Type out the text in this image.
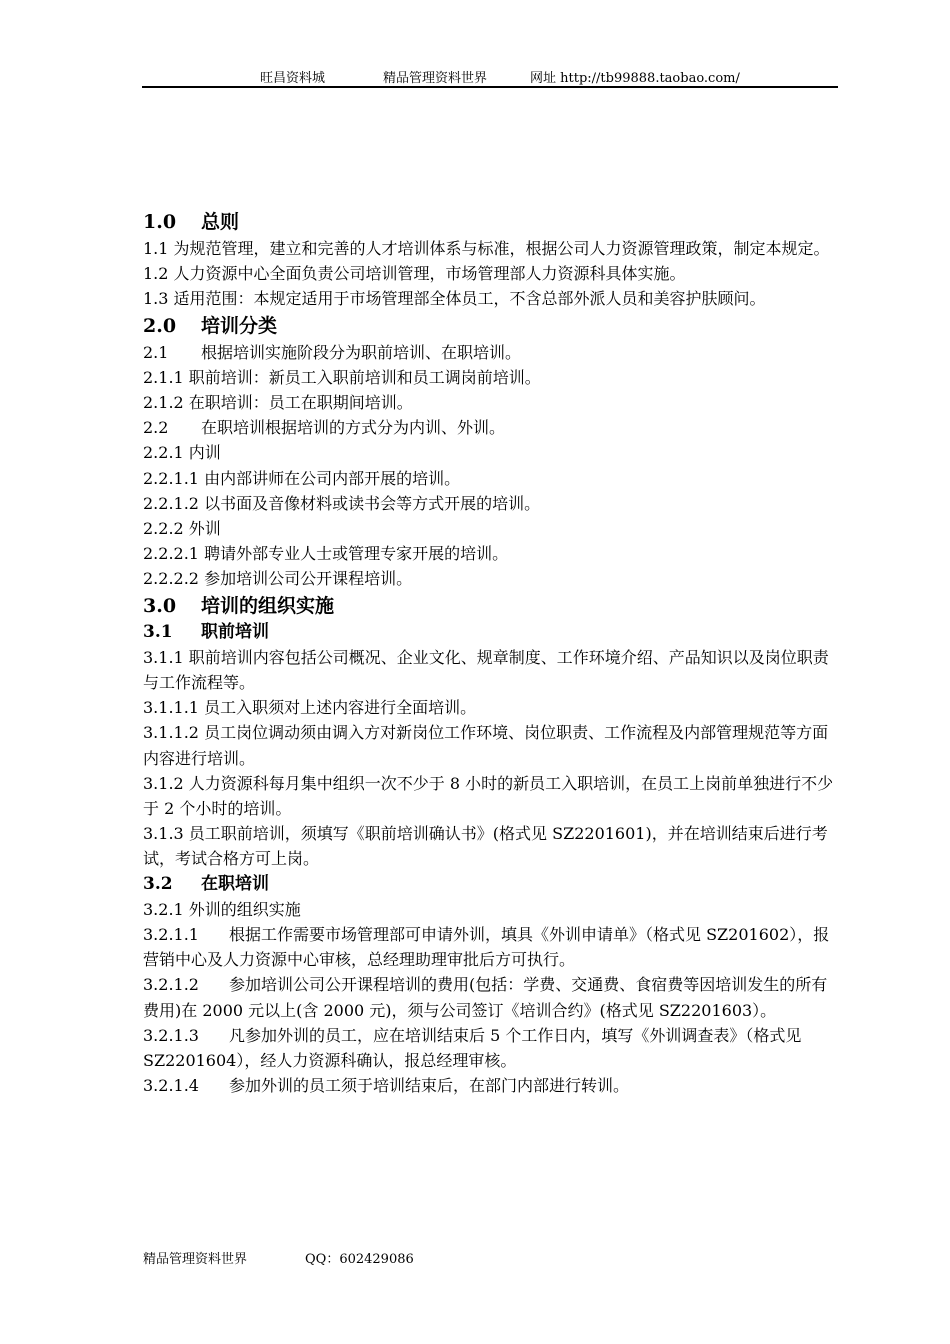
旺昌资料城	精品管理资料世界	网址 http://tb99888.taobao.com/
1.0 总则
1.1 为规范管理，建立和完善的人才培训体系与标准，根据公司人力资源管理政策，制定本规定。
1.2 人力资源中心全面负责公司培训管理，市场管理部人力资源科具体实施。
1.3 适用范围：本规定适用于市场管理部全体员工，不含总部外派人员和美容护肤顾问。
2.0 培训分类
2.1 根据培训实施阶段分为职前培训、在职培训。
2.1.1 职前培训：新员工入职前培训和员工调岗前培训。
2.1.2 在职培训：员工在职期间培训。
2.2 在职培训根据培训的方式分为内训、外训。
2.2.1 内训
2.2.1.1 由内部讲师在公司内部开展的培训。
2.2.1.2 以书面及音像材料或读书会等方式开展的培训。
2.2.2 外训
2.2.2.1 聘请外部专业人士或管理专家开展的培训。
2.2.2.2 参加培训公司公开课程培训。
3.0 培训的组织实施
3.1 职前培训
3.1.1 职前培训内容包括公司概况、企业文化、规章制度、工作环境介绍、产品知识以及岗位职责与工作流程等。
3.1.1.1 员工入职须对上述内容进行全面培训。
3.1.1.2 员工岗位调动须由调入方对新岗位工作环境、岗位职责、工作流程及内部管理规范等方面内容进行培训。
3.1.2 人力资源科每月集中组织一次不少于 8 小时的新员工入职培训，在员工上岗前单独进行不少于 2 个小时的培训。
3.1.3 员工职前培训，须填写《职前培训确认书》(格式见 SZ2201601)，并在培训结束后进行考试，考试合格方可上岗。
3.2 在职培训
3.2.1 外训的组织实施
3.2.1.1 根据工作需要市场管理部可申请外训，填具《外训申请单》（格式见 SZ201602），报营销中心及人力资源中心审核，总经理助理审批后方可执行。
3.2.1.2 参加培训公司公开课程培训的费用(包括：学费、交通费、食宿费等因培训发生的所有费用)在 2000 元以上(含 2000 元)，须与公司签订《培训合约》(格式见 SZ2201603）。
3.2.1.3 凡参加外训的员工，应在培训结束后 5 个工作日内，填写《外训调查表》（格式见 SZ2201604），经人力资源科确认，报总经理审核。
3.2.1.4 参加外训的员工须于培训结束后，在部门内部进行转训。
精品管理资料世界	QQ：602429086
